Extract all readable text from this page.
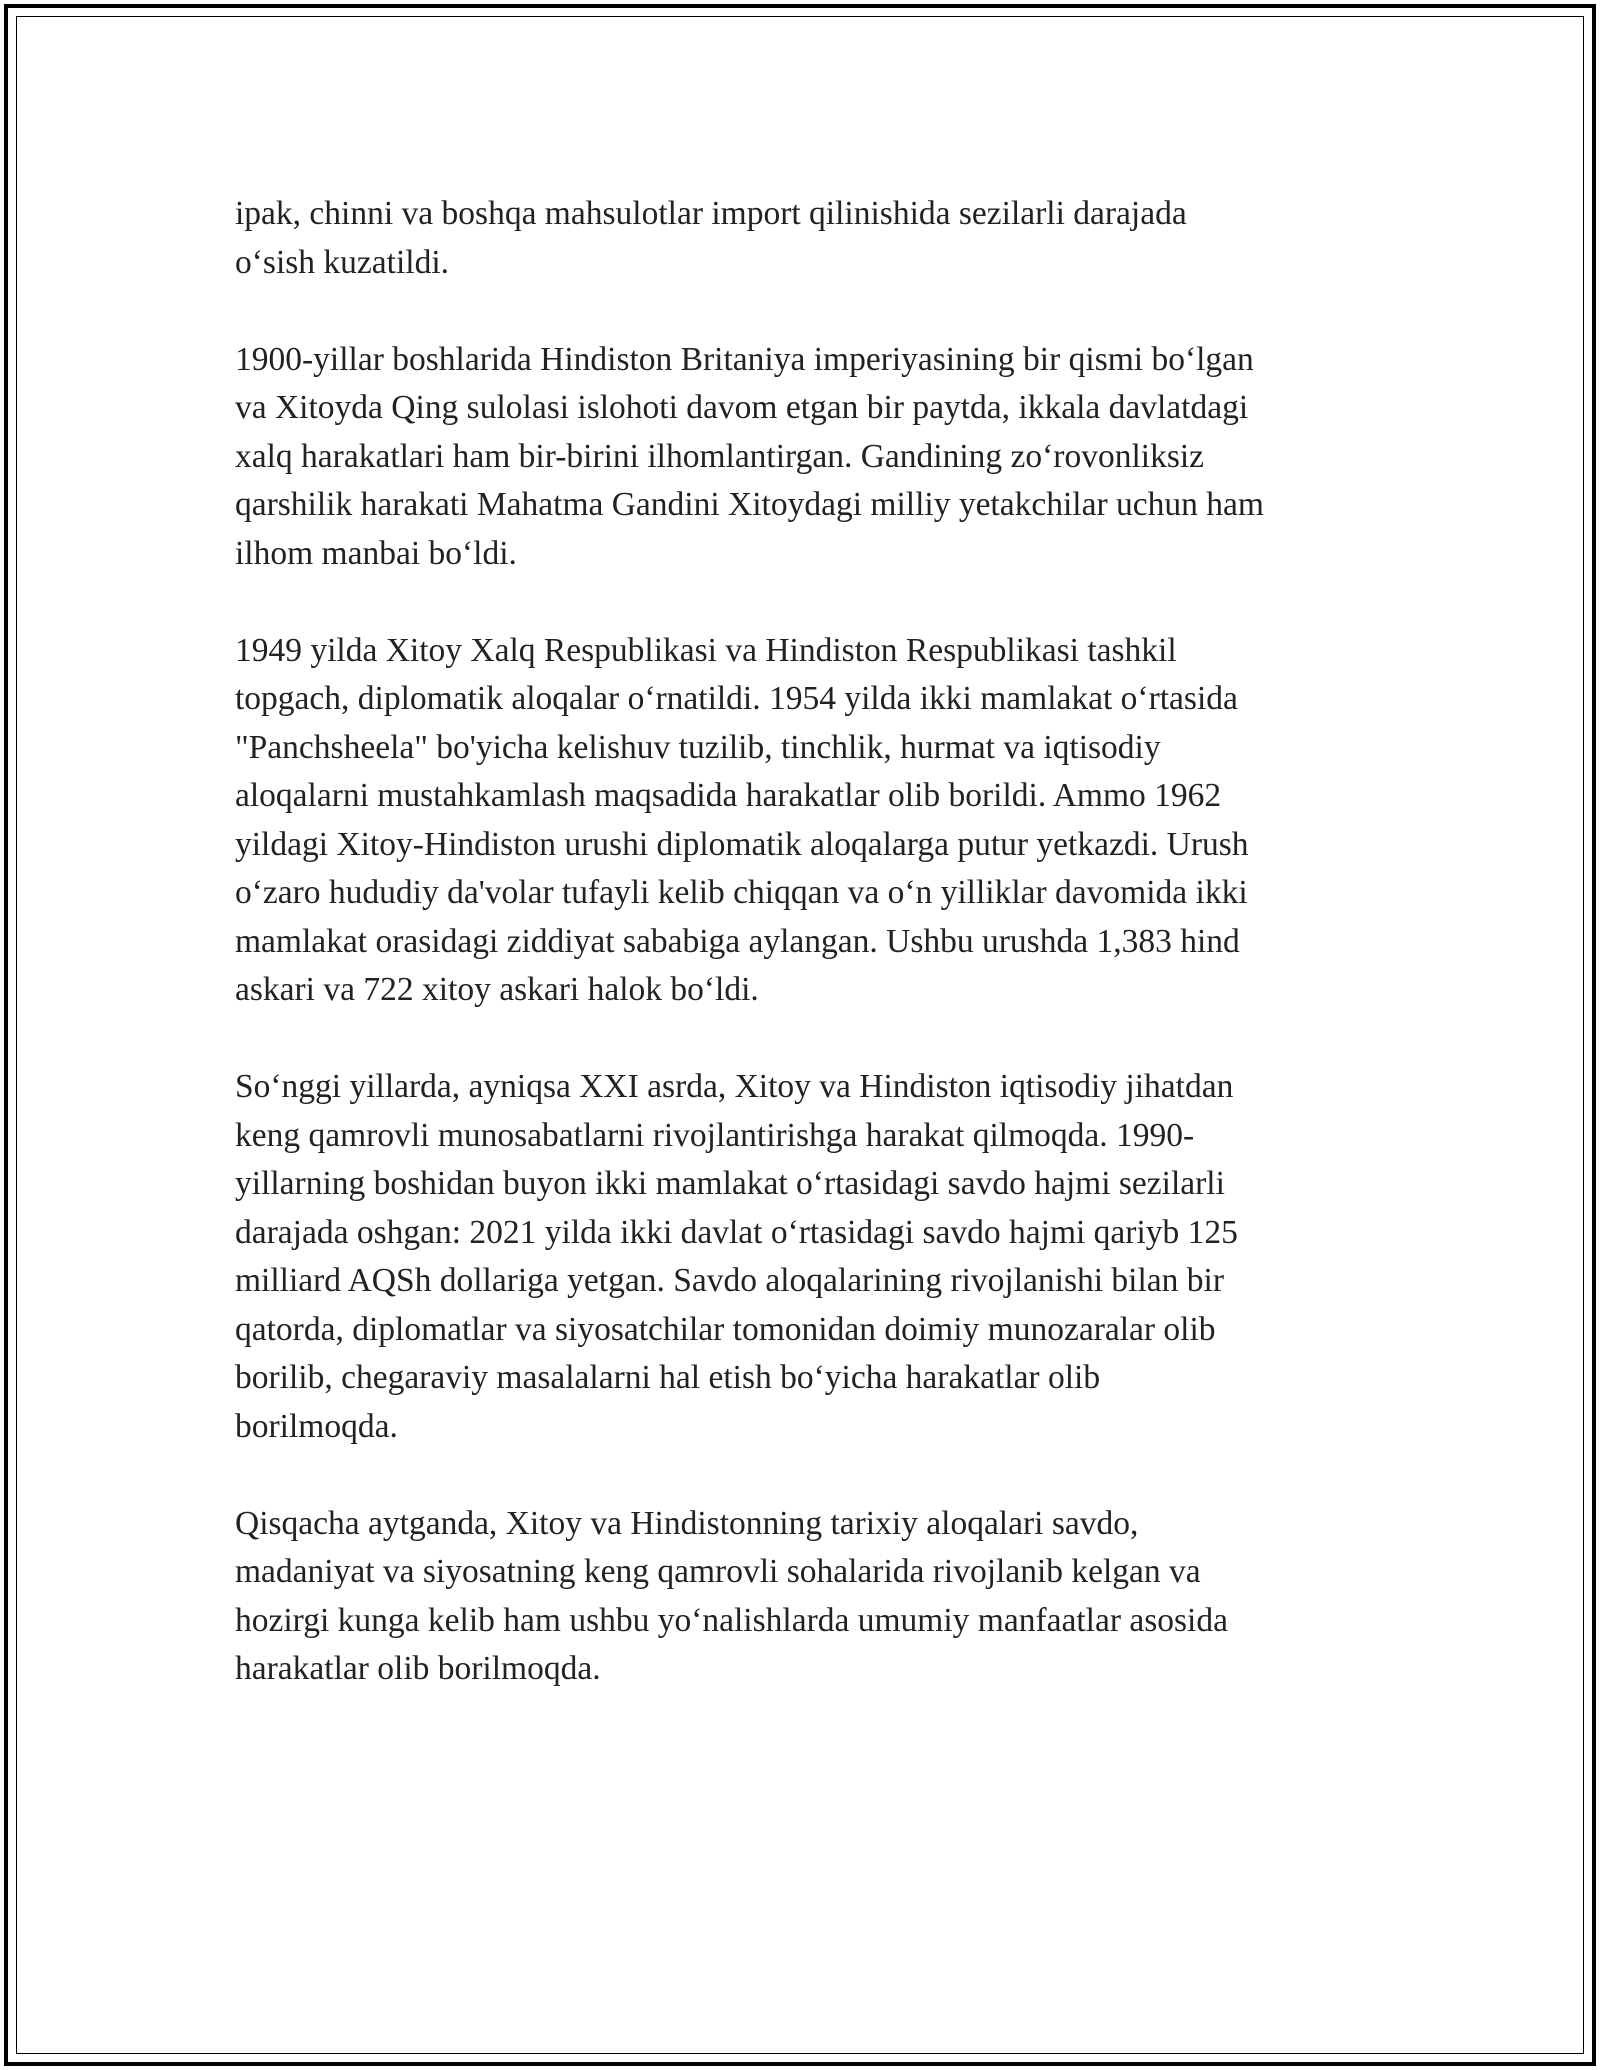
ipak, chinni va boshqa mahsulotlar import qilinishida sezilarli darajada
o‘sish kuzatildi.

1900-yillar boshlarida Hindiston Britaniya imperiyasining bir qismi bo‘lgan
va Xitoyda Qing sulolasi islohoti davom etgan bir paytda, ikkala davlatdagi
xalq harakatlari ham bir-birini ilhomlantirgan. Gandining zo‘rovonliksiz
qarshilik harakati Mahatma Gandini Xitoydagi milliy yetakchilar uchun ham
ilhom manbai bo‘ldi.

1949 yilda Xitoy Xalq Respublikasi va Hindiston Respublikasi tashkil
topgach, diplomatik aloqalar o‘rnatildi. 1954 yilda ikki mamlakat o‘rtasida
"Panchsheela" bo'yicha kelishuv tuzilib, tinchlik, hurmat va iqtisodiy
aloqalarni mustahkamlash maqsadida harakatlar olib borildi. Ammo 1962
yildagi Xitoy-Hindiston urushi diplomatik aloqalarga putur yetkazdi. Urush
o‘zaro hududiy da'volar tufayli kelib chiqqan va o‘n yilliklar davomida ikki
mamlakat orasidagi ziddiyat sababiga aylangan. Ushbu urushda 1,383 hind
askari va 722 xitoy askari halok bo‘ldi.

So‘nggi yillarda, ayniqsa XXI asrda, Xitoy va Hindiston iqtisodiy jihatdan
keng qamrovli munosabatlarni rivojlantirishga harakat qilmoqda. 1990-
yillarning boshidan buyon ikki mamlakat o‘rtasidagi savdo hajmi sezilarli
darajada oshgan: 2021 yilda ikki davlat o‘rtasidagi savdo hajmi qariyb 125
milliard AQSh dollariga yetgan. Savdo aloqalarining rivojlanishi bilan bir
qatorda, diplomatlar va siyosatchilar tomonidan doimiy munozaralar olib
borilib, chegaraviy masalalarni hal etish bo‘yicha harakatlar olib
borilmoqda.

Qisqacha aytganda, Xitoy va Hindistonning tarixiy aloqalari savdo,
madaniyat va siyosatning keng qamrovli sohalarida rivojlanib kelgan va
hozirgi kunga kelib ham ushbu yo‘nalishlarda umumiy manfaatlar asosida
harakatlar olib borilmoqda.
